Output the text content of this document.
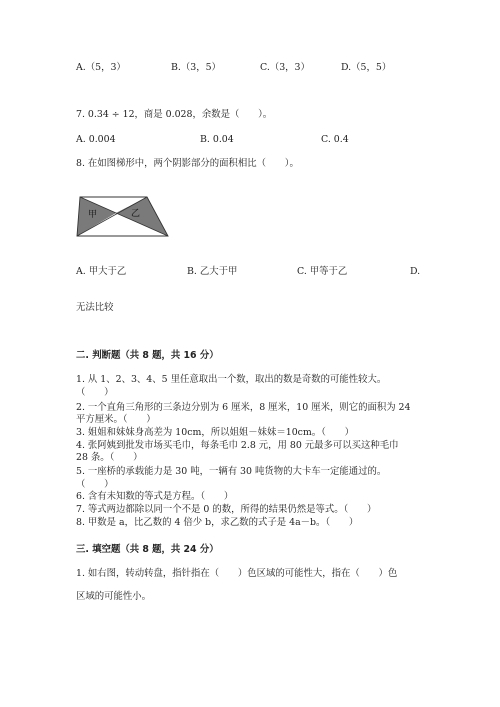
A.（5，3）	B.（3，5）	C.（3，3）	D.（5，5）
7. 0.34 ÷ 12，商是 0.028，余数是（　　）。
A. 0.004	B. 0.04	C. 0.4
8. 在如图梯形中，两个阴影部分的面积相比（　　）。
甲	乙
A. 甲大于乙	B. 乙大于甲	C. 甲等于乙	D.
无法比较
二. 判断题（共 8 题，共 16 分）
1. 从 1、2、3、4、5 里任意取出一个数，取出的数是奇数的可能性较大。
（　　）
2. 一个直角三角形的三条边分别为 6 厘米，8 厘米，10 厘米，则它的面积为 24
平方厘米。（　　）
3. 姐姐和妹妹身高差为 10cm，所以姐姐－妹妹＝10cm。（　　）
4. 张阿姨到批发市场买毛巾，每条毛巾 2.8 元，用 80 元最多可以买这种毛巾
28 条。（　　）
5. 一座桥的承载能力是 30 吨，一辆有 30 吨货物的大卡车一定能通过的。
（　　）
6. 含有未知数的等式是方程。（　　）
7. 等式两边都除以同一个不是 0 的数，所得的结果仍然是等式。（　　）
8. 甲数是 a，比乙数的 4 倍少 b，求乙数的式子是 4a－b。（　　）
三. 填空题（共 8 题，共 24 分）
1. 如右图，转动转盘，指针指在（　　）色区域的可能性大，指在（　　）色
区域的可能性小。
